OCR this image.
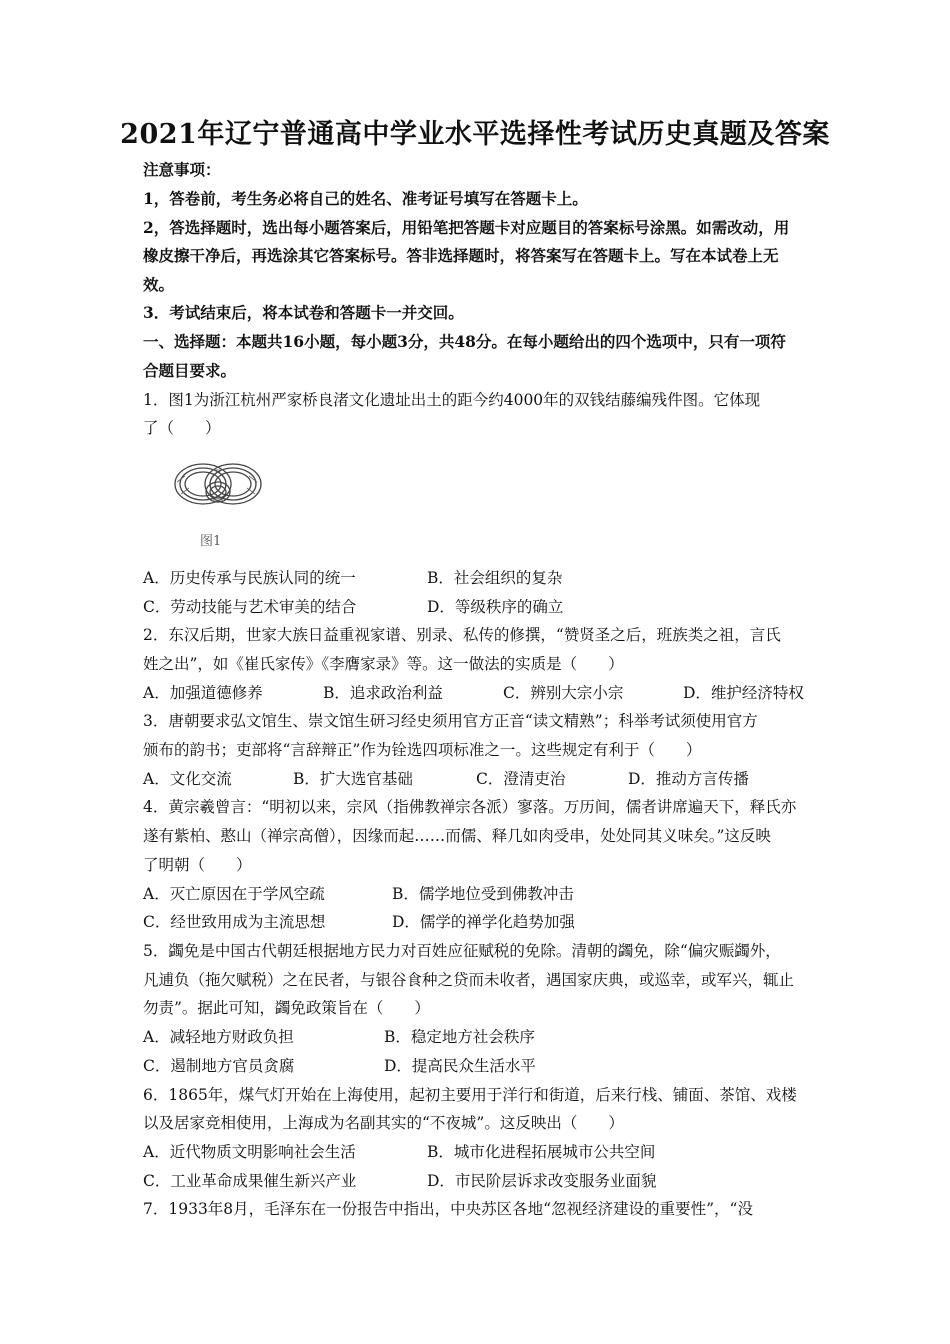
2021年辽宁普通高中学业水平选择性考试历史真题及答案
注意事项：
1，答卷前，考生务必将自己的姓名、准考证号填写在答题卡上。
2，答选择题时，选出每小题答案后，用铅笔把答题卡对应题目的答案标号涂黑。如需改动，用
橡皮擦干净后，再选涂其它答案标号。答非选择题时，将答案写在答题卡上。写在本试卷上无
效。
3．考试结束后，将本试卷和答题卡一并交回。
一、选择题：本题共16小题，每小题3分，共48分。在每小题给出的四个选项中，只有一项符
合题目要求。
1．图1为浙江杭州严家桥良渚文化遗址出土的距今约4000年的双钱结藤编残件图。它体现
了（　　）
图1
A．历史传承与民族认同的统一	B．社会组织的复杂
C．劳动技能与艺术审美的结合	D．等级秩序的确立
2．东汉后期，世家大族日益重视家谱、别录、私传的修撰，“赞贤圣之后，班族类之祖，言氏
姓之出”，如《崔氏家传》《李膺家录》等。这一做法的实质是（　　）
A．加强道德修养	B．追求政治利益	C．辨别大宗小宗	D．维护经济特权
3．唐朝要求弘文馆生、崇文馆生研习经史须用官方正音“读文精熟”；科举考试须使用官方
颁布的韵书；吏部将“言辞辩正”作为铨选四项标准之一。这些规定有利于（　　）
A．文化交流	B．扩大选官基础	C．澄清吏治	D．推动方言传播
4．黄宗羲曾言：“明初以来，宗风（指佛教禅宗各派）寥落。万历间，儒者讲席遍天下，释氏亦
遂有紫柏、憨山（禅宗高僧），因缘而起……而儒、释几如肉受串，处处同其义味矣。”这反映
了明朝（　　）
A．灭亡原因在于学风空疏	B．儒学地位受到佛教冲击
C．经世致用成为主流思想	D．儒学的禅学化趋势加强
5．蠲免是中国古代朝廷根据地方民力对百姓应征赋税的免除。清朝的蠲免，除“偏灾赈蠲外，
凡逋负（拖欠赋税）之在民者，与银谷食种之贷而未收者，遇国家庆典，或巡幸，或军兴，辄止
勿责”。据此可知，蠲免政策旨在（　　）
A．减轻地方财政负担	B．稳定地方社会秩序
C．遏制地方官员贪腐	D．提高民众生活水平
6．1865年，煤气灯开始在上海使用，起初主要用于洋行和街道，后来行栈、铺面、茶馆、戏楼
以及居家竞相使用，上海成为名副其实的“不夜城”。这反映出（　　）
A．近代物质文明影响社会生活	B．城市化进程拓展城市公共空间
C．工业革命成果催生新兴产业	D．市民阶层诉求改变服务业面貌
7．1933年8月，毛泽东在一份报告中指出，中央苏区各地“忽视经济建设的重要性”，“没
